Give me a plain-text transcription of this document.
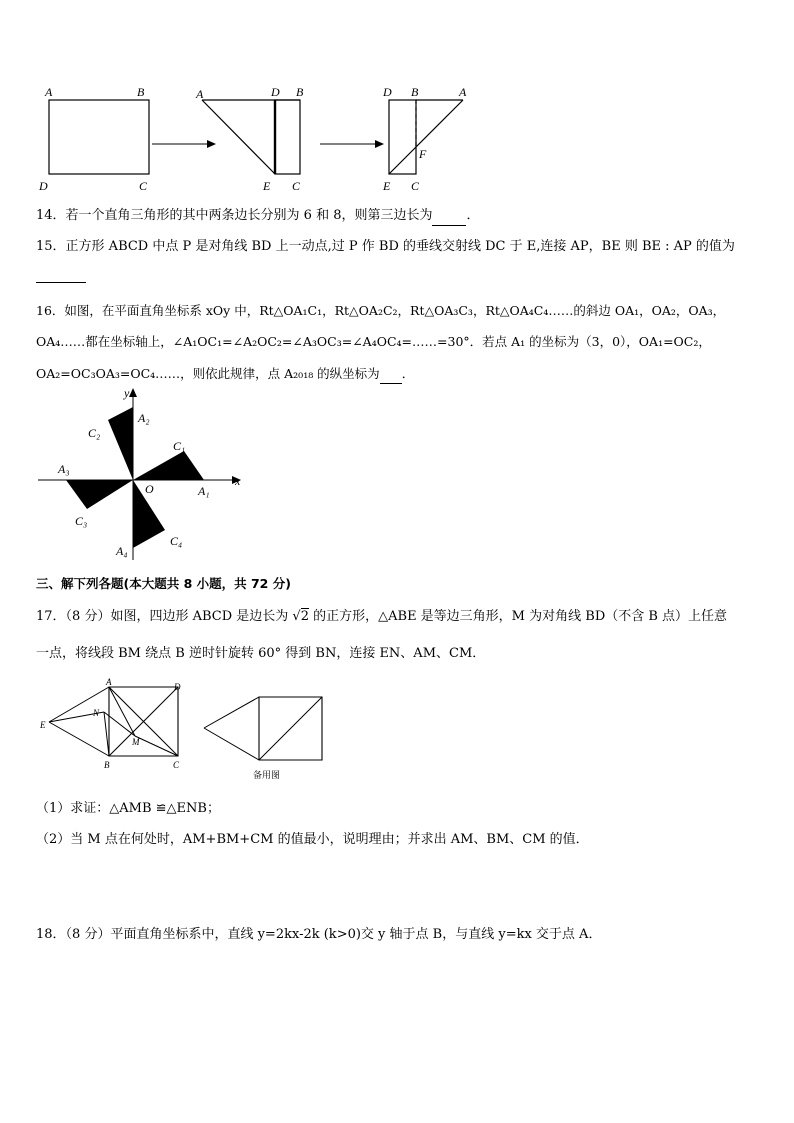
A	B
D	C
A	D B
E C
D B	A
F
E C
14．若一个直角三角形的其中两条边长分别为 6 和 8，则第三边长为	．
15．正方形 ABCD 中点 P 是对角线 BD 上一动点,过 P 作 BD 的垂线交射线 DC 于 E,连接 AP，BE 则 BE : AP 的值为
16．如图，在平面直角坐标系 xOy 中，Rt△OA₁C₁，Rt△OA₂C₂，Rt△OA₃C₃，Rt△OA₄C₄……的斜边 OA₁，OA₂，OA₃，
OA₄……都在坐标轴上，∠A₁OC₁=∠A₂OC₂=∠A₃OC₃=∠A₄OC₄=……=30°．若点 A₁ 的坐标为（3，0），OA₁=OC₂，
OA₂=OC₃OA₃=OC₄……，则依此规律，点 A₂₀₁₈ 的纵坐标为 ．
y
x
O
A₂
C₂
C₁
A₁
A₃
C₃
C₄
A₄
三、解下列各题(本大题共 8 小题，共 72 分)
17．（8 分）如图，四边形 ABCD 是边长为 √2 的正方形，△ABE 是等边三角形，M 为对角线 BD（不含 B 点）上任意
一点，将线段 BM 绕点 B 逆时针旋转 60° 得到 BN，连接 EN、AM、CM．
A	D
E
N
M
B	C
备用图
（1）求证：△AMB ≌△ENB；
（2）当 M 点在何处时，AM+BM+CM 的值最小，说明理由；并求出 AM、BM、CM 的值．
18．（8 分）平面直角坐标系中，直线 y=2kx-2k (k>0)交 y 轴于点 B，与直线 y=kx 交于点 A．
